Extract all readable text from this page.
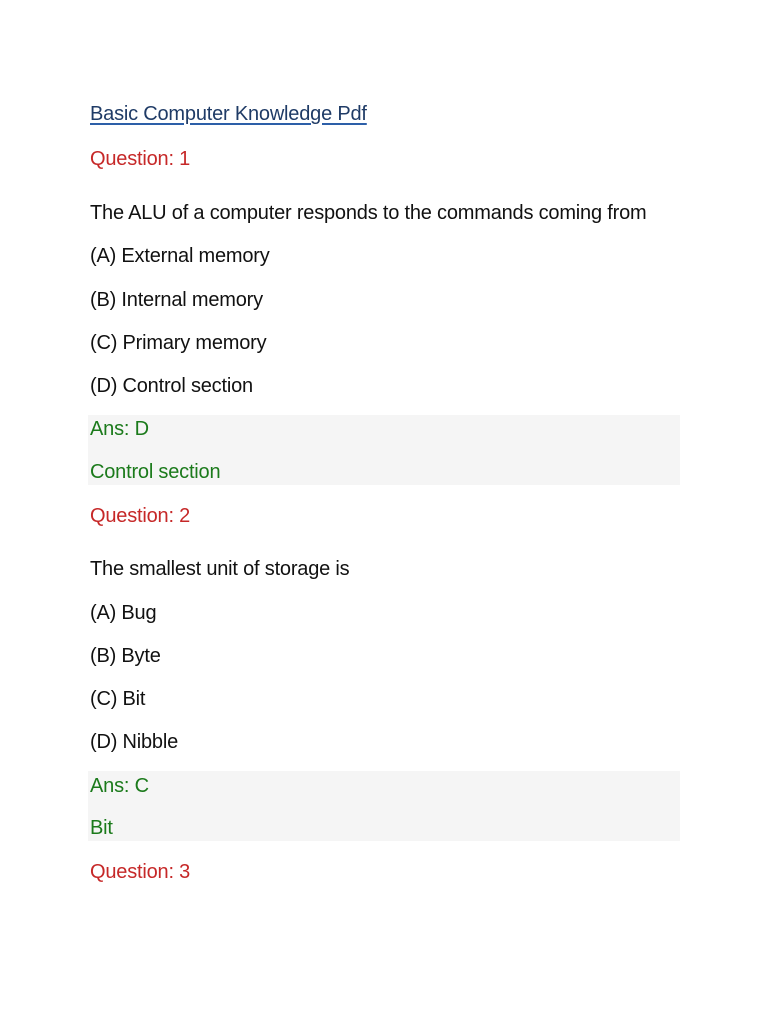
Basic Computer Knowledge Pdf
Question: 1
The ALU of a computer responds to the commands coming from
(A) External memory
(B) Internal memory
(C) Primary memory
(D) Control section
Ans: D
Control section
Question: 2
The smallest unit of storage is
(A) Bug
(B) Byte
(C) Bit
(D) Nibble
Ans: C
Bit
Question: 3
